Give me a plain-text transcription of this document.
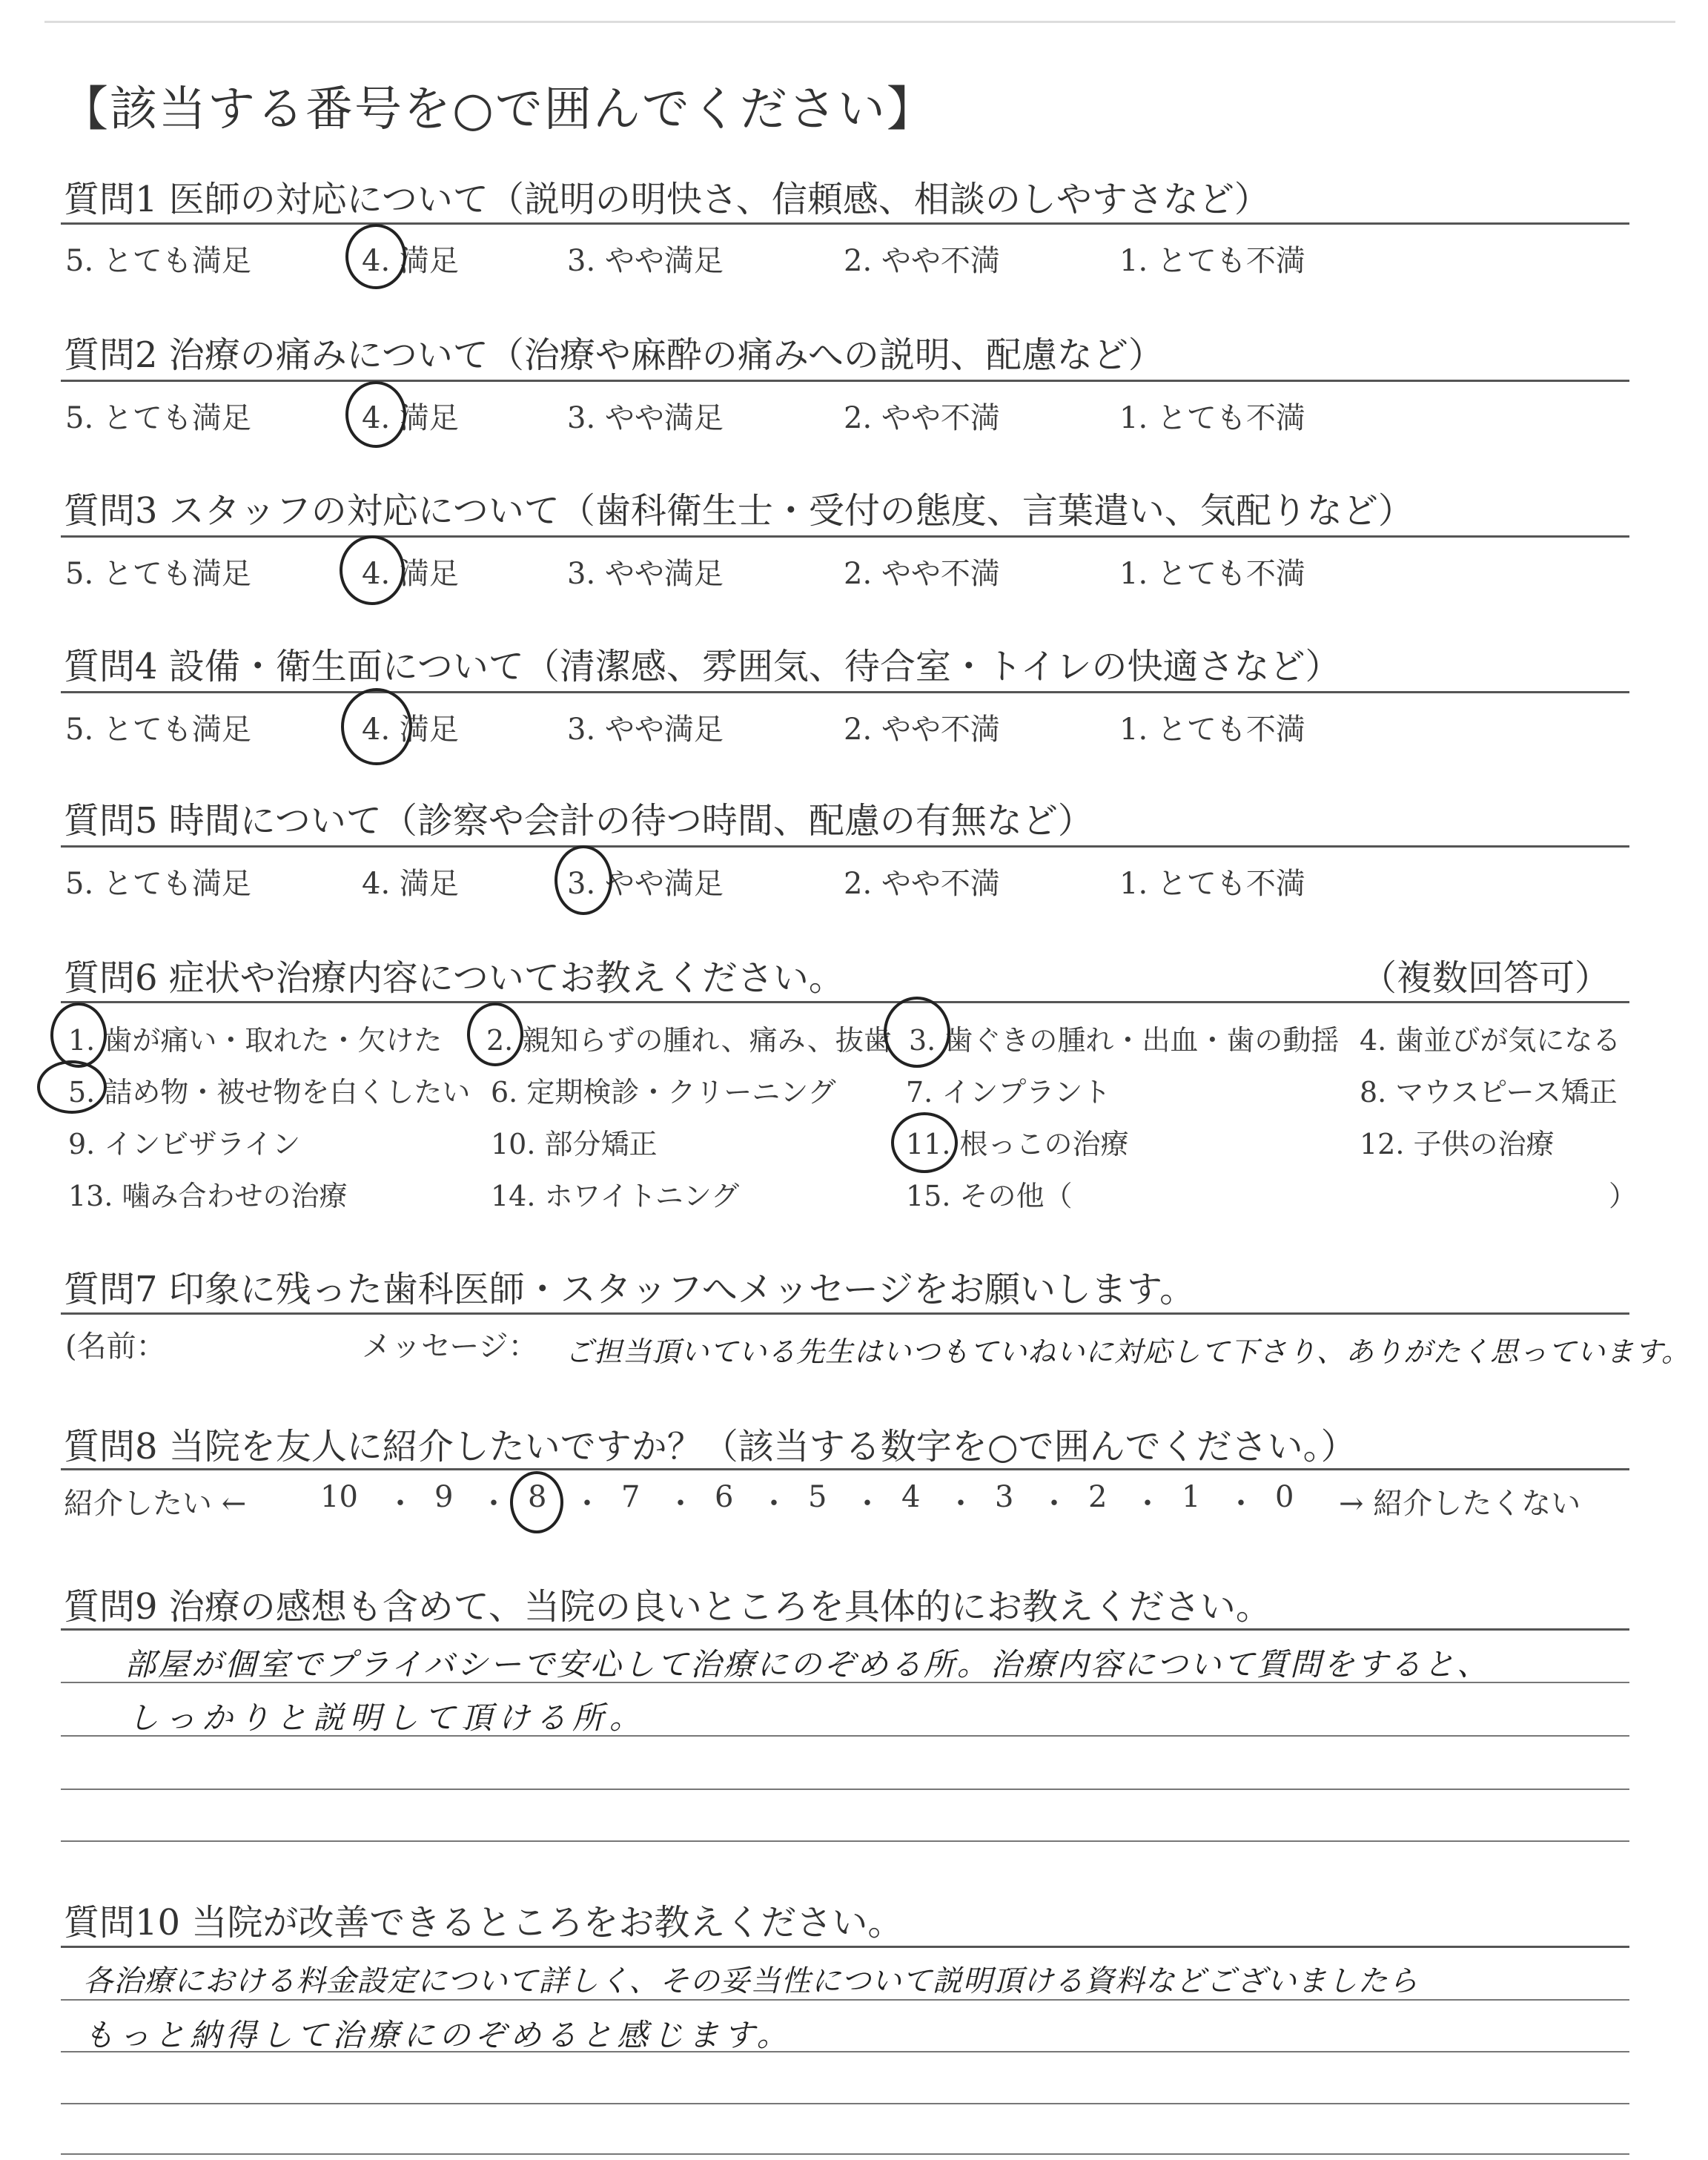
【該当する番号を○で囲んでください】
質問1 医師の対応について（説明の明快さ、信頼感、相談のしやすさなど）
5. とても満足	4. 満足	3. やや満足	2. やや不満	1. とても不満
質問2 治療の痛みについて（治療や麻酔の痛みへの説明、配慮など）
5. とても満足	4. 満足	3. やや満足	2. やや不満	1. とても不満
質問3 スタッフの対応について（歯科衛生士・受付の態度、言葉遣い、気配りなど）
5. とても満足	4. 満足	3. やや満足	2. やや不満	1. とても不満
質問4 設備・衛生面について（清潔感、雰囲気、待合室・トイレの快適さなど）
5. とても満足	4. 満足	3. やや満足	2. やや不満	1. とても不満
質問5 時間について（診察や会計の待つ時間、配慮の有無など）
5. とても満足	4. 満足	3. やや満足	2. やや不満	1. とても不満
質問6 症状や治療内容についてお教えください。	（複数回答可）
1. 歯が痛い・取れた・欠けた 2. 親知らずの腫れ、痛み、抜歯 3. 歯ぐきの腫れ・出血・歯の動揺 4. 歯並びが気になる
5. 詰め物・被せ物を白くしたい 6. 定期検診・クリーニング 7. インプラント	8. マウスピース矯正
9. インビザライン	10. 部分矯正	11. 根っこの治療	12. 子供の治療
13. 噛み合わせの治療	14. ホワイトニング	15. その他（	）
質問7 印象に残った歯科医師・スタッフへメッセージをお願いします。
(名前：	メッセージ： ご担当頂いている先生はいつもていねいに対応して下さり、ありがたく思っています。
質問8 当院を友人に紹介したいですか？（該当する数字を○で囲んでください。）
紹介したい ← 10 ・ 9 ・ 8 ・ 7 ・ 6 ・ 5 ・ 4 ・ 3 ・ 2 ・ 1 ・ 0 → 紹介したくない
質問9 治療の感想も含めて、当院の良いところを具体的にお教えください。
部屋が個室でプライバシーで安心して治療にのぞめる所。治療内容について質問をすると、
しっかりと説明して頂ける所。
質問10 当院が改善できるところをお教えください。
各治療における料金設定について詳しく、その妥当性について説明頂ける資料などございましたら
もっと納得して治療にのぞめると感じます。
